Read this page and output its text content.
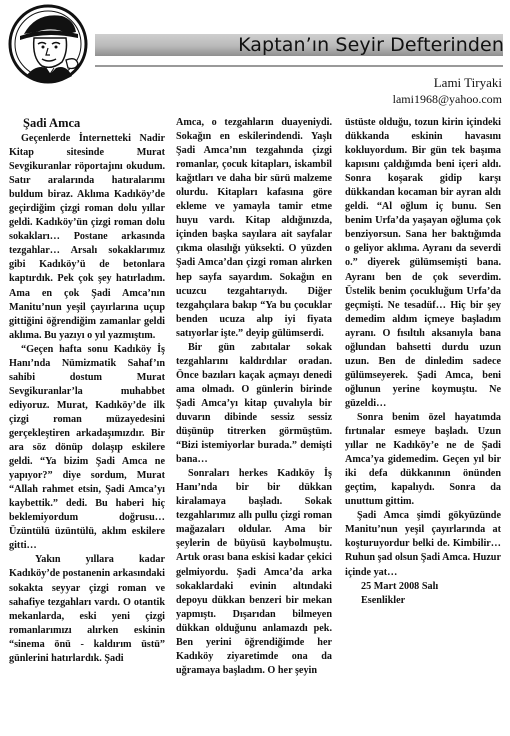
Kaptan’ın Seyir Defterinden
Lami Tiryaki
lami1968@yahoo.com
Şadi Amca

Geçenlerde İnternetteki Nadir Kitap sitesinde Murat Sevgikuranlar röportajını okudum. Satır aralarında hatıralarımı buldum biraz. Aklıma Kadıköy’de geçirdiğim çizgi roman dolu yıllar geldi. Kadıköy’ün çizgi roman dolu sokakları… Postane arkasında tezgahlar… Arsalı sokaklarımız gibi Kadıköy’ü de betonlara kaptırdık. Pek çok şey hatırladım. Ama en çok Şadi Amca’nın Manitu’nun yeşil çayırlarına uçup gittiğini öğrendiğim zamanlar geldi aklıma. Bu yazıyı o yıl yazmıştım.

“Geçen hafta sonu Kadıköy İş Hanı’nda Nümizmatik Sahaf’ın sahibi dostum Murat Sevgikuranlar’la muhabbet ediyoruz. Murat, Kadıköy’de ilk çizgi roman müzayedesini gerçekleştiren arkadaşımızdır. Bir ara söz dönüp dolaşıp eskilere geldi. “Ya bizim Şadi Amca ne yapıyor?” diye sordum, Murat “Allah rahmet etsin, Şadi Amca’yı kaybettik.” dedi. Bu haberi hiç beklemiyordum doğrusu… Üzüntülü üzüntülü, aklım eskilere gitti…

Yakın yıllara kadar Kadıköy’de postanenin arkasındaki sokakta seyyar çizgi roman ve sahafiye tezgahları vardı. O otantik mekanlarda, eski yeni çizgi romanlarımızı alırken eskinin “sinema önü - kaldırım üstü” günlerini hatırlardık. Şadi

Amca, o tezgahların duayeniydi. Sokağın en eskilerindendi. Yaşlı Şadi Amca’nın tezgahında çizgi romanlar, çocuk kitapları, iskambil kağıtları ve daha bir sürü malzeme olurdu. Kitapları kafasına göre ekleme ve yamayla tamir etme huyu vardı. Kitap aldığınızda, içinden başka sayılara ait sayfalar çıkma olasılığı yüksekti. O yüzden Şadi Amca’dan çizgi roman alırken hep sayfa sayardım. Sokağın en ucuzcu tezgahtarıydı. Diğer tezgahçılara bakıp “Ya bu çocuklar benden ucuza alıp iyi fiyata satıyorlar işte.” deyip gülümserdi.

Bir gün zabıtalar sokak tezgahlarını kaldırdılar oradan. Önce bazıları kaçak açmayı denedi ama olmadı. O günlerin birinde Şadi Amca’yı kitap çuvalıyla bir duvarın dibinde sessiz sessiz düşünüp titrerken görmüştüm. “Bizi istemiyorlar burada.” demişti bana…

Sonraları herkes Kadıköy İş Hanı’nda bir bir dükkan kiralamaya başladı. Sokak tezgahlarımız allı pullu çizgi roman mağazaları oldular. Ama bir şeylerin de büyüsü kaybolmuştu. Artık orası bana eskisi kadar çekici gelmiyordu. Şadi Amca’da arka sokaklardaki evinin altındaki depoyu dükkan benzeri bir mekan yapmıştı. Dışarıdan bilmeyen dükkan olduğunu anlamazdı pek. Ben yerini öğrendiğimde her Kadıköy ziyaretimde ona da uğramaya başladım. O her şeyin

üstüste olduğu, tozun kirin içindeki dükkanda eskinin havasını kokluyordum. Bir gün tek başıma kapısını çaldığımda beni içeri aldı. Sonra koşarak gidip karşı dükkandan kocaman bir ayran aldı geldi. “Al oğlum iç bunu. Sen benim Urfa’da yaşayan oğluma çok benziyorsun. Sana her baktığımda o geliyor aklıma. Ayranı da severdi o.” diyerek gülümsemişti bana. Ayranı ben de çok severdim. Üstelik benim çocukluğum Urfa’da geçmişti. Ne tesadüf… Hiç bir şey demedim aldım içmeye başladım ayranı. O fısıltılı aksanıyla bana oğlundan bahsetti durdu uzun uzun. Ben de dinledim sadece gülümseyerek. Şadi Amca, beni oğlunun yerine koymuştu. Ne güzeldi…

Sonra benim özel hayatımda fırtınalar esmeye başladı. Uzun yıllar ne Kadıköy’e ne de Şadi Amca’ya gidemedim. Geçen yıl bir iki defa dükkanının önünden geçtim, kapalıydı. Sonra da unuttum gittim.

Şadi Amca şimdi gökyüzünde Manitu’nun yeşil çayırlarında at koşturuyordur belki de. Kimbilir… Ruhun şad olsun Şadi Amca. Huzur içinde yat…

25 Mart 2008 Salı

Esenlikler
